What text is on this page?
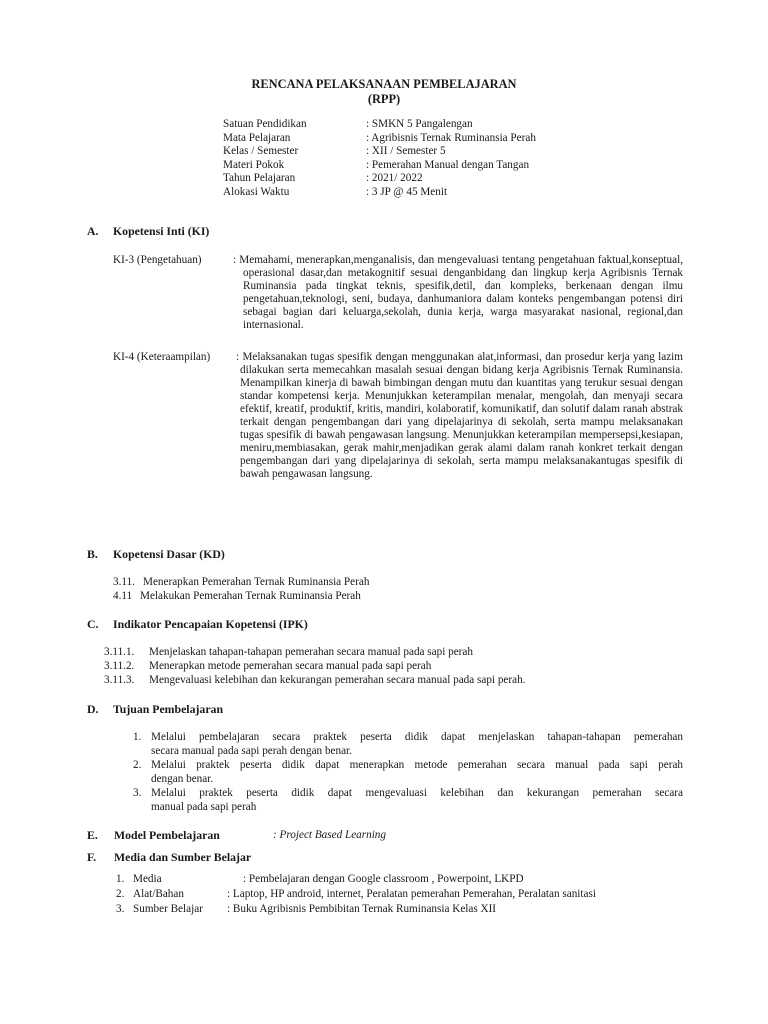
RENCANA PELAKSANAAN PEMBELAJARAN
(RPP)
Satuan Pendidikan	: SMKN 5 Pangalengan
Mata Pelajaran	: Agribisnis Ternak Ruminansia Perah
Kelas / Semester	: XII / Semester 5
Materi Pokok	: Pemerahan Manual dengan Tangan
Tahun Pelajaran	: 2021/ 2022
Alokasi Waktu	: 3 JP @ 45 Menit
A. Kopetensi Inti (KI)
KI-3 (Pengetahuan)	: Memahami, menerapkan,menganalisis, dan mengevaluasi tentang pengetahuan faktual,konseptual, operasional dasar,dan metakognitif sesuai denganbidang dan lingkup kerja Agribisnis Ternak Ruminansia pada tingkat teknis, spesifik,detil, dan kompleks, berkenaan dengan ilmu pengetahuan,teknologi, seni, budaya, danhumaniora dalam konteks pengembangan potensi diri sebagai bagian dari keluarga,sekolah, dunia kerja, warga masyarakat nasional, regional,dan internasional.
KI-4 (Keteraampilan) : Melaksanakan tugas spesifik dengan menggunakan alat,informasi, dan prosedur kerja yang lazim dilakukan serta memecahkan masalah sesuai dengan bidang kerja Agribisnis Ternak Ruminansia. Menampilkan kinerja di bawah bimbingan dengan mutu dan kuantitas yang terukur sesuai dengan standar kompetensi kerja. Menunjukkan keterampilan menalar, mengolah, dan menyaji secara efektif, kreatif, produktif, kritis, mandiri, kolaboratif, komunikatif, dan solutif dalam ranah abstrak terkait dengan pengembangan dari yang dipelajarinya di sekolah, serta mampu melaksanakan tugas spesifik di bawah pengawasan langsung. Menunjukkan keterampilan mempersepsi,kesiapan, meniru,membiasakan, gerak mahir,menjadikan gerak alami dalam ranah konkret terkait dengan pengembangan dari yang dipelajarinya di sekolah, serta mampu melaksanakantugas spesifik di bawah pengawasan langsung.
B. Kopetensi Dasar (KD)
3.11. Menerapkan Pemerahan Ternak Ruminansia Perah
4.11 Melakukan Pemerahan Ternak Ruminansia Perah
C. Indikator Pencapaian Kopetensi (IPK)
3.11.1. Menjelaskan tahapan-tahapan pemerahan secara manual pada sapi perah
3.11.2. Menerapkan metode pemerahan secara manual pada sapi perah
3.11.3. Mengevaluasi kelebihan dan kekurangan pemerahan secara manual pada sapi perah.
D. Tujuan Pembelajaran
1. Melalui pembelajaran secara praktek peserta didik dapat menjelaskan tahapan-tahapan pemerahan
secara manual pada sapi perah dengan benar.
2. Melalui praktek peserta didik dapat menerapkan metode pemerahan secara manual pada sapi perah
dengan benar.
3. Melalui praktek peserta didik dapat mengevaluasi kelebihan dan kekurangan pemerahan secara
manual pada sapi perah
E. Model Pembelajaran	: Project Based Learning
F. Media dan Sumber Belajar
1. Media	: Pembelajaran dengan Google classroom , Powerpoint, LKPD
2. Alat/Bahan	: Laptop, HP android, internet, Peralatan pemerahan Pemerahan, Peralatan sanitasi
3. Sumber Belajar : Buku Agribisnis Pembibitan Ternak Ruminansia Kelas XII
